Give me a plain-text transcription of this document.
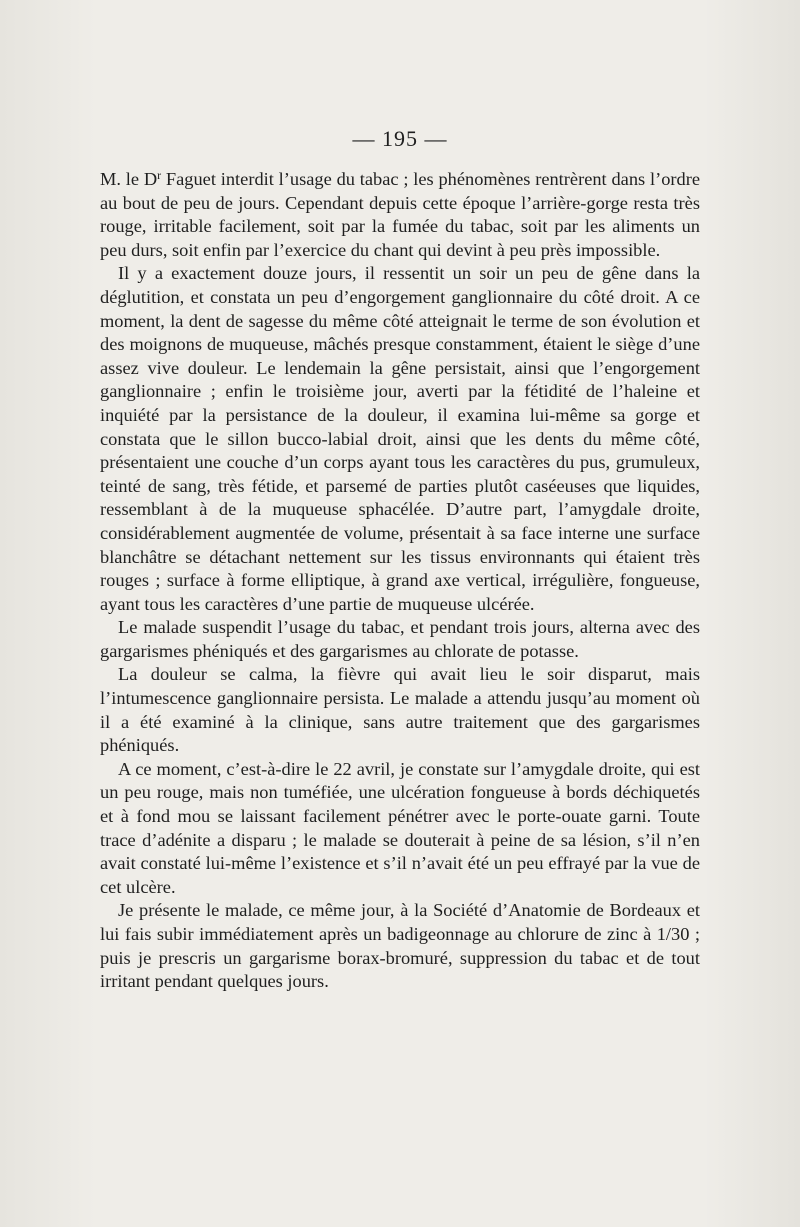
— 195 —

M. le $D^r$ Faguet interdit l’usage du tabac ; les phénomènes rentrèrent dans l’ordre au bout de peu de jours. Cependant depuis cette époque l’arrière-gorge resta très rouge, irritable facilement, soit par la fumée du tabac, soit par les aliments un peu durs, soit enfin par l’exercice du chant qui devint à peu près impossible.

Il y a exactement douze jours, il ressentit un soir un peu de gêne dans la déglutition, et constata un peu d’engorgement ganglionnaire du côté droit. A ce moment, la dent de sagesse du même côté atteignait le terme de son évolution et des moignons de muqueuse, mâchés presque constamment, étaient le siège d’une assez vive douleur. Le lendemain la gêne persistait, ainsi que l’engorgement ganglionnaire ; enfin le troisième jour, averti par la fétidité de l’haleine et inquiété par la persistance de la douleur, il examina lui-même sa gorge et constata que le sillon bucco-labial droit, ainsi que les dents du même côté, présentaient une couche d’un corps ayant tous les caractères du pus, grumuleux, teinté de sang, très fétide, et parsemé de parties plutôt caséeuses que liquides, ressemblant à de la muqueuse sphacélée. D’autre part, l’amygdale droite, considérablement augmentée de volume, présentait à sa face interne une surface blanchâtre se détachant nettement sur les tissus environnants qui étaient très rouges ; surface à forme elliptique, à grand axe vertical, irrégulière, fongueuse, ayant tous les caractères d’une partie de muqueuse ulcérée.

Le malade suspendit l’usage du tabac, et pendant trois jours, alterna avec des gargarismes phéniqués et des gargarismes au chlorate de potasse.

La douleur se calma, la fièvre qui avait lieu le soir disparut, mais l’intumescence ganglionnaire persista. Le malade a attendu jusqu’au moment où il a été examiné à la clinique, sans autre traitement que des gargarismes phéniqués.

A ce moment, c’est-à-dire le 22 avril, je constate sur l’amygdale droite, qui est un peu rouge, mais non tuméfiée, une ulcération fongueuse à bords déchiquetés et à fond mou se laissant facilement pénétrer avec le porte-ouate garni. Toute trace d’adénite a disparu ; le malade se douterait à peine de sa lésion, s’il n’en avait constaté lui-même l’existence et s’il n’avait été un peu effrayé par la vue de cet ulcère.

Je présente le malade, ce même jour, à la Société d’Anatomie de Bordeaux et lui fais subir immédiatement après un badigeonnage au chlorure de zinc à 1/30 ; puis je prescris un gargarisme borax-bromuré, suppression du tabac et de tout irritant pendant quelques jours.
